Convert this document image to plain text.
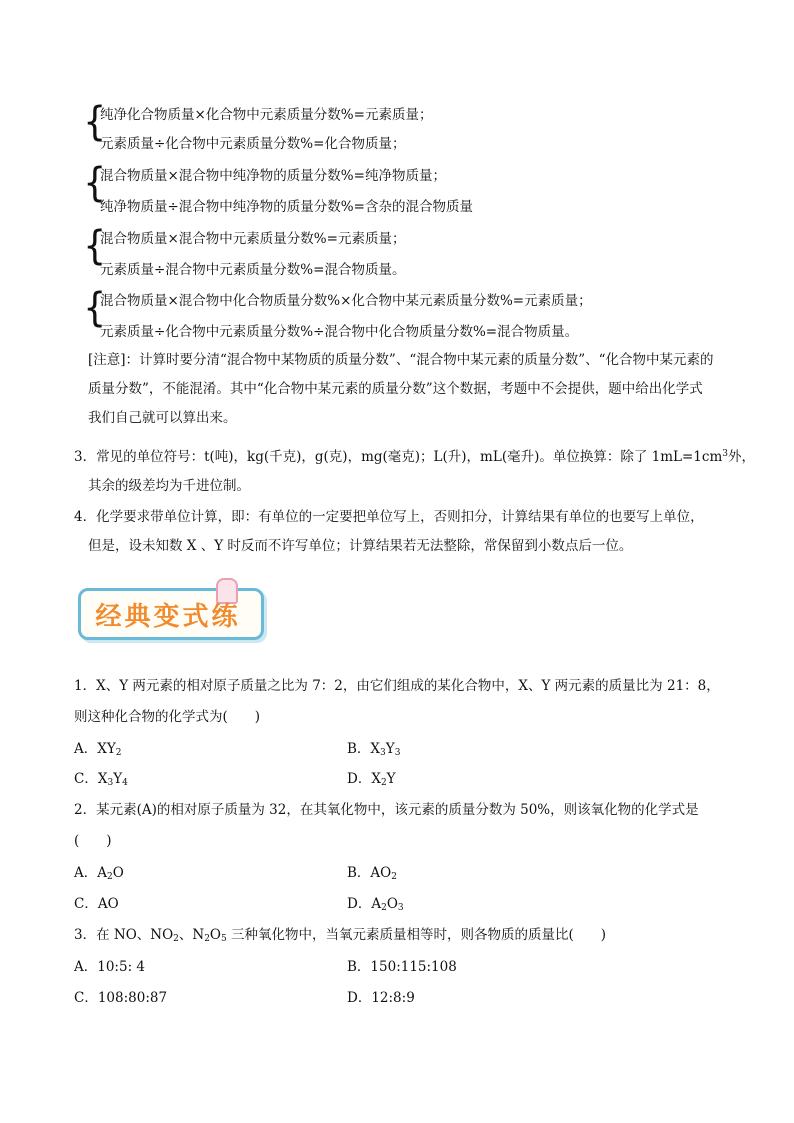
{
纯净化合物质量×化合物中元素质量分数%=元素质量；
元素质量÷化合物中元素质量分数%=化合物质量；
{
混合物质量×混合物中纯净物的质量分数%=纯净物质量；
纯净物质量÷混合物中纯净物的质量分数%=含杂的混合物质量
{
混合物质量×混合物中元素质量分数%=元素质量；
元素质量÷混合物中元素质量分数%=混合物质量。
{
混合物质量×混合物中化合物质量分数%×化合物中某元素质量分数%=元素质量；
元素质量÷化合物中元素质量分数%÷混合物中化合物质量分数%=混合物质量。
[注意]：计算时要分清“混合物中某物质的质量分数”、“混合物中某元素的质量分数”、“化合物中某元素的
质量分数”，不能混淆。其中“化合物中某元素的质量分数”这个数据，考题中不会提供，题中给出化学式
我们自己就可以算出来。
3．常见的单位符号：t(吨)，kg(千克)，g(克)，mg(毫克)；L(升)，mL(毫升)。单位换算：除了 $1mL=1cm^3$外，
其余的级差均为千进位制。
4．化学要求带单位计算，即：有单位的一定要把单位写上，否则扣分，计算结果有单位的也要写上单位，
但是，设未知数 X 、Y 时反而不许写单位；计算结果若无法整除，常保留到小数点后一位。
经典变式练
1．X、Y 两元素的相对原子质量之比为 7：2，由它们组成的某化合物中，X、Y 两元素的质量比为 21：8，
则这种化合物的化学式为(　　)
A．$XY_2$	B．$X_3Y_3$
C．$X_3Y_4$	D．$X_2Y$
2．某元素(A)的相对原子质量为 32，在其氧化物中，该元素的质量分数为 50%，则该氧化物的化学式是
(　　)
A．$A_2O$	B．$AO_2$
C．AO	D．$A_2O_3$
3．在 NO、$NO_2$、$N_2O_5$ 三种氧化物中，当氧元素质量相等时，则各物质的质量比(　　)
A．10:5: 4	B．150:115:108
C．108:80:87	D．12:8:9
